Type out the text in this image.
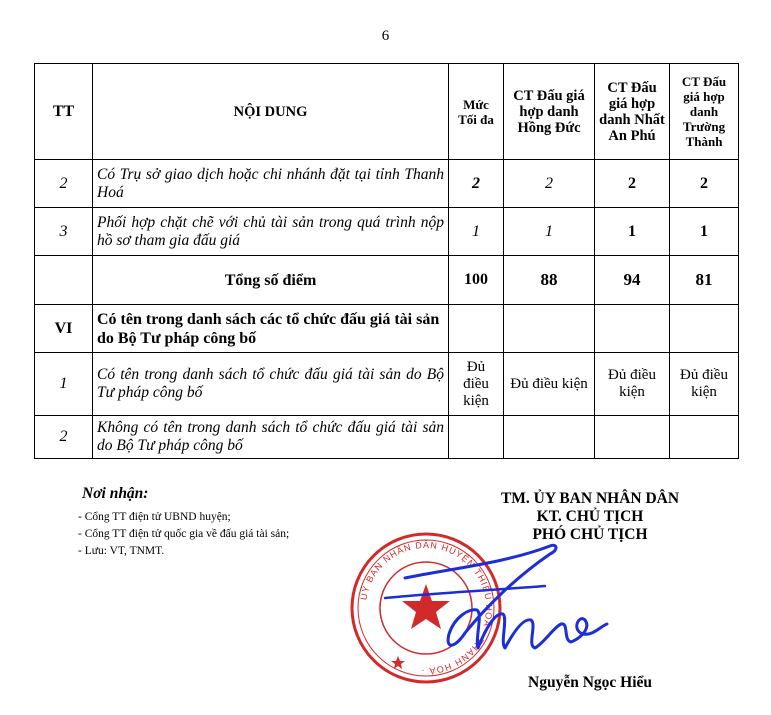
6
TT	NỘI DUNG	Mức Tối đa	CT Đấu giá hợp danh Hồng Đức	CT Đấu giá hợp danh Nhất An Phú	CT Đấu giá hợp danh Trường Thành
2	Có Trụ sở giao dịch hoặc chi nhánh đặt tại tỉnh Thanh Hoá	2	2	2	2
3	Phối hợp chặt chẽ với chủ tài sản trong quá trình nộp hồ sơ tham gia đấu giá	1	1	1	1
	Tổng số điểm	100	88	94	81
VI	Có tên trong danh sách các tổ chức đấu giá tài sản do Bộ Tư pháp công bố				
1	Có tên trong danh sách tổ chức đấu giá tài sản do Bộ Tư pháp công bố	Đủ điều kiện	Đủ điều kiện	Đủ điều kiện	Đủ điều kiện
2	Không có tên trong danh sách tổ chức đấu giá tài sản do Bộ Tư pháp công bố				
Nơi nhận:
- Cổng TT điện tử UBND huyện;
- Cổng TT điện tử quốc gia về đấu giá tài sản;
- Lưu: VT, TNMT.
TM. ỦY BAN NHÂN DÂN
KT. CHỦ TỊCH
PHÓ CHỦ TỊCH
UỶ BAN NHÂN DÂN HUYỆN THIỆU HOÁ · THANH HOÁ ·
Nguyễn Ngọc Hiểu
